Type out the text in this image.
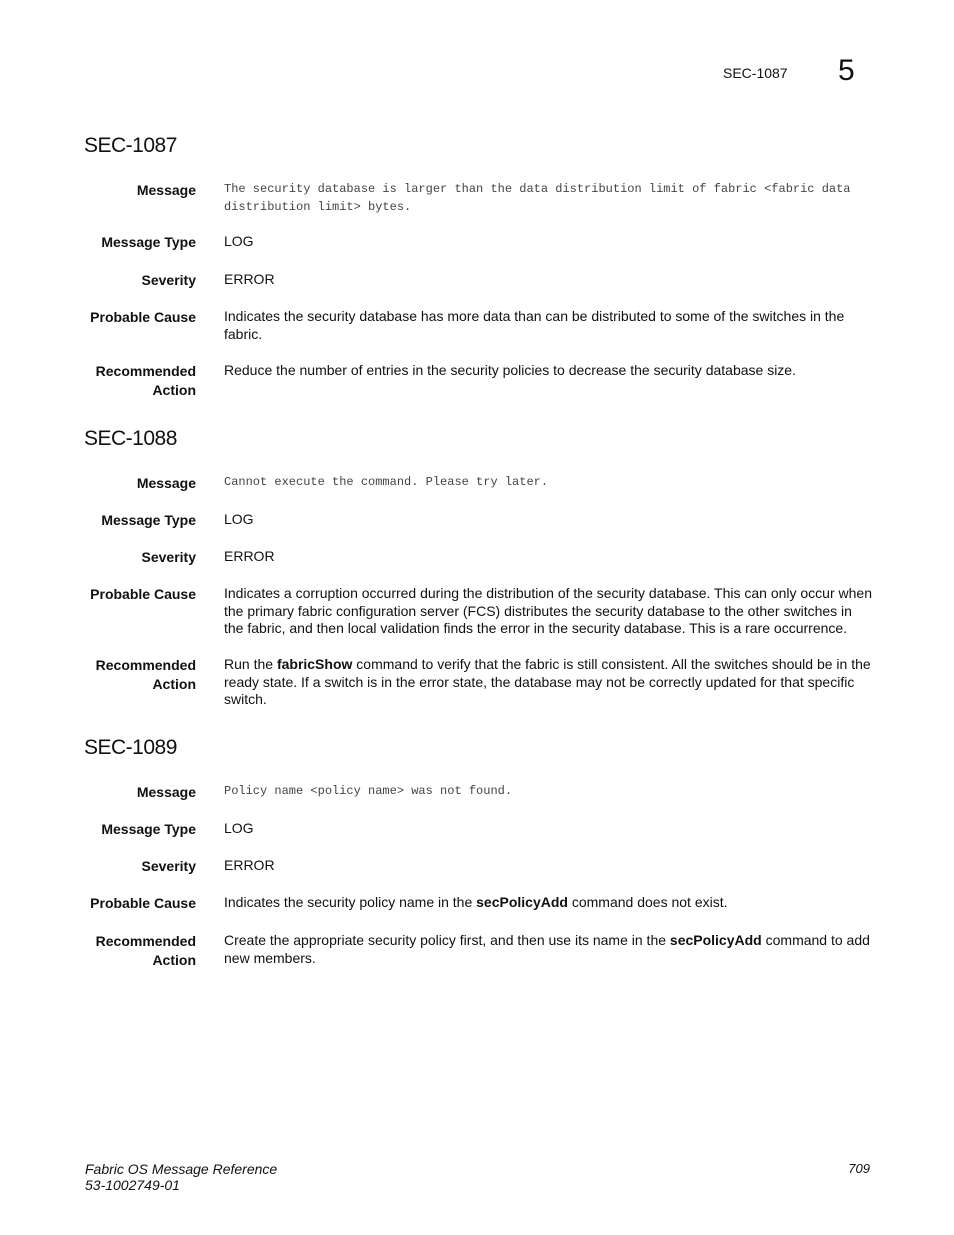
SEC-1087 5
SEC-1087
Message The security database is larger than the data distribution limit of fabric <fabric data distribution limit> bytes.
Message Type LOG
Severity ERROR
Probable Cause Indicates the security database has more data than can be distributed to some of the switches in the fabric.
Recommended Action
Reduce the number of entries in the security policies to decrease the security database size.
SEC-1088
Message Cannot execute the command. Please try later.
Message Type LOG
Severity ERROR
Probable Cause Indicates a corruption occurred during the distribution of the security database. This can only occur when the primary fabric configuration server (FCS) distributes the security database to the other switches in the fabric, and then local validation finds the error in the security database. This is a rare occurrence.
Recommended Action
Run the fabricShow command to verify that the fabric is still consistent. All the switches should be in the ready state. If a switch is in the error state, the database may not be correctly updated for that specific switch.
SEC-1089
Message Policy name <policy name> was not found.
Message Type LOG
Severity ERROR
Probable Cause Indicates the security policy name in the secPolicyAdd command does not exist.
Recommended Action
Create the appropriate security policy first, and then use its name in the secPolicyAdd command to add new members.
Fabric OS Message Reference
53-1002749-01
709
